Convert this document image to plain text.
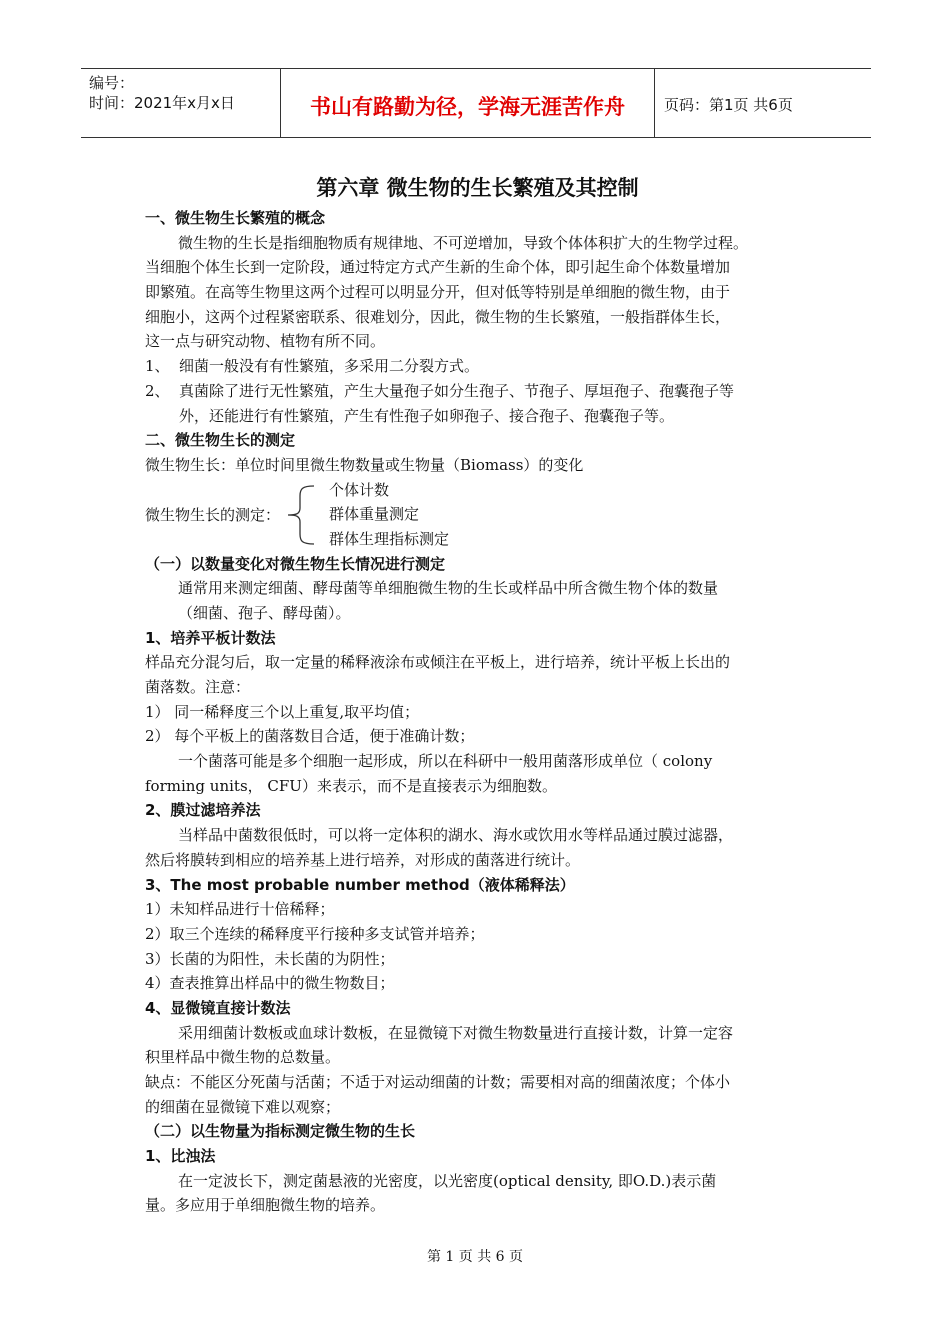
编号：
时间：2021年x月x日	书山有路勤为径，学海无涯苦作舟	页码：第1页 共6页
第六章 微生物的生长繁殖及其控制
一、微生物生长繁殖的概念
微生物的生长是指细胞物质有规律地、不可逆增加，导致个体体积扩大的生物学过程。
当细胞个体生长到一定阶段，通过特定方式产生新的生命个体，即引起生命个体数量增加
即繁殖。在高等生物里这两个过程可以明显分开，但对低等特别是单细胞的微生物，由于
细胞小，这两个过程紧密联系、很难划分，因此，微生物的生长繁殖，一般指群体生长，
这一点与研究动物、植物有所不同。
1、 细菌一般没有有性繁殖，多采用二分裂方式。
2、 真菌除了进行无性繁殖，产生大量孢子如分生孢子、节孢子、厚垣孢子、孢囊孢子等
外，还能进行有性繁殖，产生有性孢子如卵孢子、接合孢子、孢囊孢子等。
二、微生物生长的测定
微生物生长：单位时间里微生物数量或生物量（Biomass）的变化
微生物生长的测定：
个体计数
群体重量测定
群体生理指标测定
（一）以数量变化对微生物生长情况进行测定
通常用来测定细菌、酵母菌等单细胞微生物的生长或样品中所含微生物个体的数量
（细菌、孢子、酵母菌）。
1、培养平板计数法
样品充分混匀后，取一定量的稀释液涂布或倾注在平板上，进行培养，统计平板上长出的
菌落数。注意：
1） 同一稀释度三个以上重复,取平均值；
2） 每个平板上的菌落数目合适，便于准确计数；
一个菌落可能是多个细胞一起形成，所以在科研中一般用菌落形成单位（ colony
forming units， CFU）来表示，而不是直接表示为细胞数。
2、膜过滤培养法
当样品中菌数很低时，可以将一定体积的湖水、海水或饮用水等样品通过膜过滤器，
然后将膜转到相应的培养基上进行培养，对形成的菌落进行统计。
3、The most probable number method（液体稀释法）
1）未知样品进行十倍稀释；
2）取三个连续的稀释度平行接种多支试管并培养；
3）长菌的为阳性，未长菌的为阴性；
4）查表推算出样品中的微生物数目；
4、显微镜直接计数法
采用细菌计数板或血球计数板，在显微镜下对微生物数量进行直接计数，计算一定容
积里样品中微生物的总数量。
缺点：不能区分死菌与活菌；不适于对运动细菌的计数；需要相对高的细菌浓度；个体小
的细菌在显微镜下难以观察；
（二）以生物量为指标测定微生物的生长
1、比浊法
在一定波长下，测定菌悬液的光密度，以光密度(optical density, 即O.D.)表示菌
量。多应用于单细胞微生物的培养。
第 1 页 共 6 页
